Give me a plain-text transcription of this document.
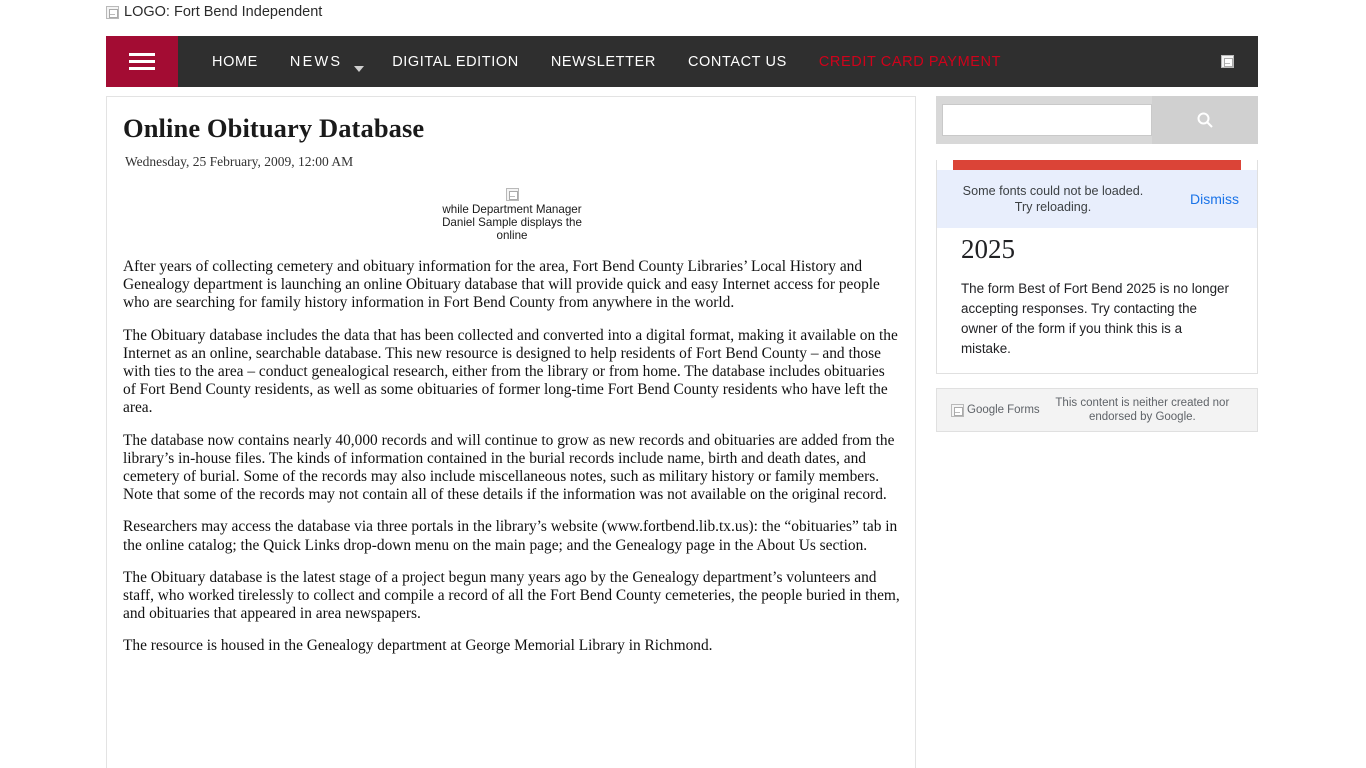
LOGO: Fort Bend Independent
HOME	NEWS	DIGITAL EDITION	NEWSLETTER	CONTACT US	CREDIT CARD PAYMENT
Online Obituary Database
Wednesday, 25 February, 2009, 12:00 AM
while Department Manager Daniel Sample displays the online

After years of collecting cemetery and obituary information for the area, Fort Bend County Libraries’ Local History and Genealogy department is launching an online Obituary database that will provide quick and easy Internet access for people who are searching for family history information in Fort Bend County from anywhere in the world.

The Obituary database includes the data that has been collected and converted into a digital format, making it available on the Internet as an online, searchable database. This new resource is designed to help residents of Fort Bend County – and those with ties to the area – conduct genealogical research, either from the library or from home. The database includes obituaries of Fort Bend County residents, as well as some obituaries of former long-time Fort Bend County residents who have left the area.

The database now contains nearly 40,000 records and will continue to grow as new records and obituaries are added from the library’s in-house files. The kinds of information contained in the burial records include name, birth and death dates, and cemetery of burial. Some of the records may also include miscellaneous notes, such as military history or family members. Note that some of the records may not contain all of these details if the information was not available on the original record.

Researchers may access the database via three portals in the library’s website (www.fortbend.lib.tx.us): the “obituaries” tab in the online catalog; the Quick Links drop-down menu on the main page; and the Genealogy page in the About Us section.

The Obituary database is the latest stage of a project begun many years ago by the Genealogy department’s volunteers and staff, who worked tirelessly to collect and compile a record of all the Fort Bend County cemeteries, the people buried in them, and obituaries that appeared in area newspapers.

The resource is housed in the Genealogy department at George Memorial Library in Richmond.

Some fonts could not be loaded. Try reloading.	Dismiss
2025
The form Best of Fort Bend 2025 is no longer accepting responses. Try contacting the owner of the form if you think this is a mistake.
Google Forms
This content is neither created nor endorsed by Google.
